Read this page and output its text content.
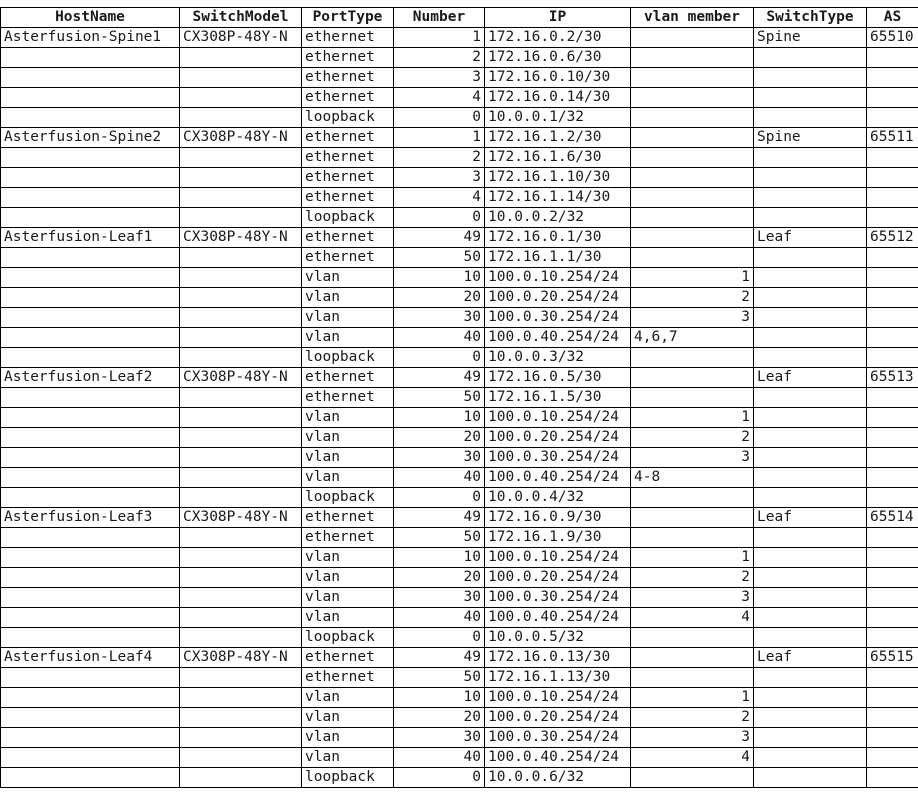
HostName	SwitchModel	PortType	Number	IP	vlan member	SwitchType	AS
Asterfusion-Spine1	CX308P-48Y-N	ethernet	1	172.16.0.2/30		Spine	65510
		ethernet	2	172.16.0.6/30			
		ethernet	3	172.16.0.10/30			
		ethernet	4	172.16.0.14/30			
		loopback	0	10.0.0.1/32			
Asterfusion-Spine2	CX308P-48Y-N	ethernet	1	172.16.1.2/30		Spine	65511
		ethernet	2	172.16.1.6/30			
		ethernet	3	172.16.1.10/30			
		ethernet	4	172.16.1.14/30			
		loopback	0	10.0.0.2/32			
Asterfusion-Leaf1	CX308P-48Y-N	ethernet	49	172.16.0.1/30		Leaf	65512
		ethernet	50	172.16.1.1/30			
		vlan	10	100.0.10.254/24	1		
		vlan	20	100.0.20.254/24	2		
		vlan	30	100.0.30.254/24	3		
		vlan	40	100.0.40.254/24	4,6,7		
		loopback	0	10.0.0.3/32			
Asterfusion-Leaf2	CX308P-48Y-N	ethernet	49	172.16.0.5/30		Leaf	65513
		ethernet	50	172.16.1.5/30			
		vlan	10	100.0.10.254/24	1		
		vlan	20	100.0.20.254/24	2		
		vlan	30	100.0.30.254/24	3		
		vlan	40	100.0.40.254/24	4-8		
		loopback	0	10.0.0.4/32			
Asterfusion-Leaf3	CX308P-48Y-N	ethernet	49	172.16.0.9/30		Leaf	65514
		ethernet	50	172.16.1.9/30			
		vlan	10	100.0.10.254/24	1		
		vlan	20	100.0.20.254/24	2		
		vlan	30	100.0.30.254/24	3		
		vlan	40	100.0.40.254/24	4		
		loopback	0	10.0.0.5/32			
Asterfusion-Leaf4	CX308P-48Y-N	ethernet	49	172.16.0.13/30		Leaf	65515
		ethernet	50	172.16.1.13/30			
		vlan	10	100.0.10.254/24	1		
		vlan	20	100.0.20.254/24	2		
		vlan	30	100.0.30.254/24	3		
		vlan	40	100.0.40.254/24	4		
		loopback	0	10.0.0.6/32			
